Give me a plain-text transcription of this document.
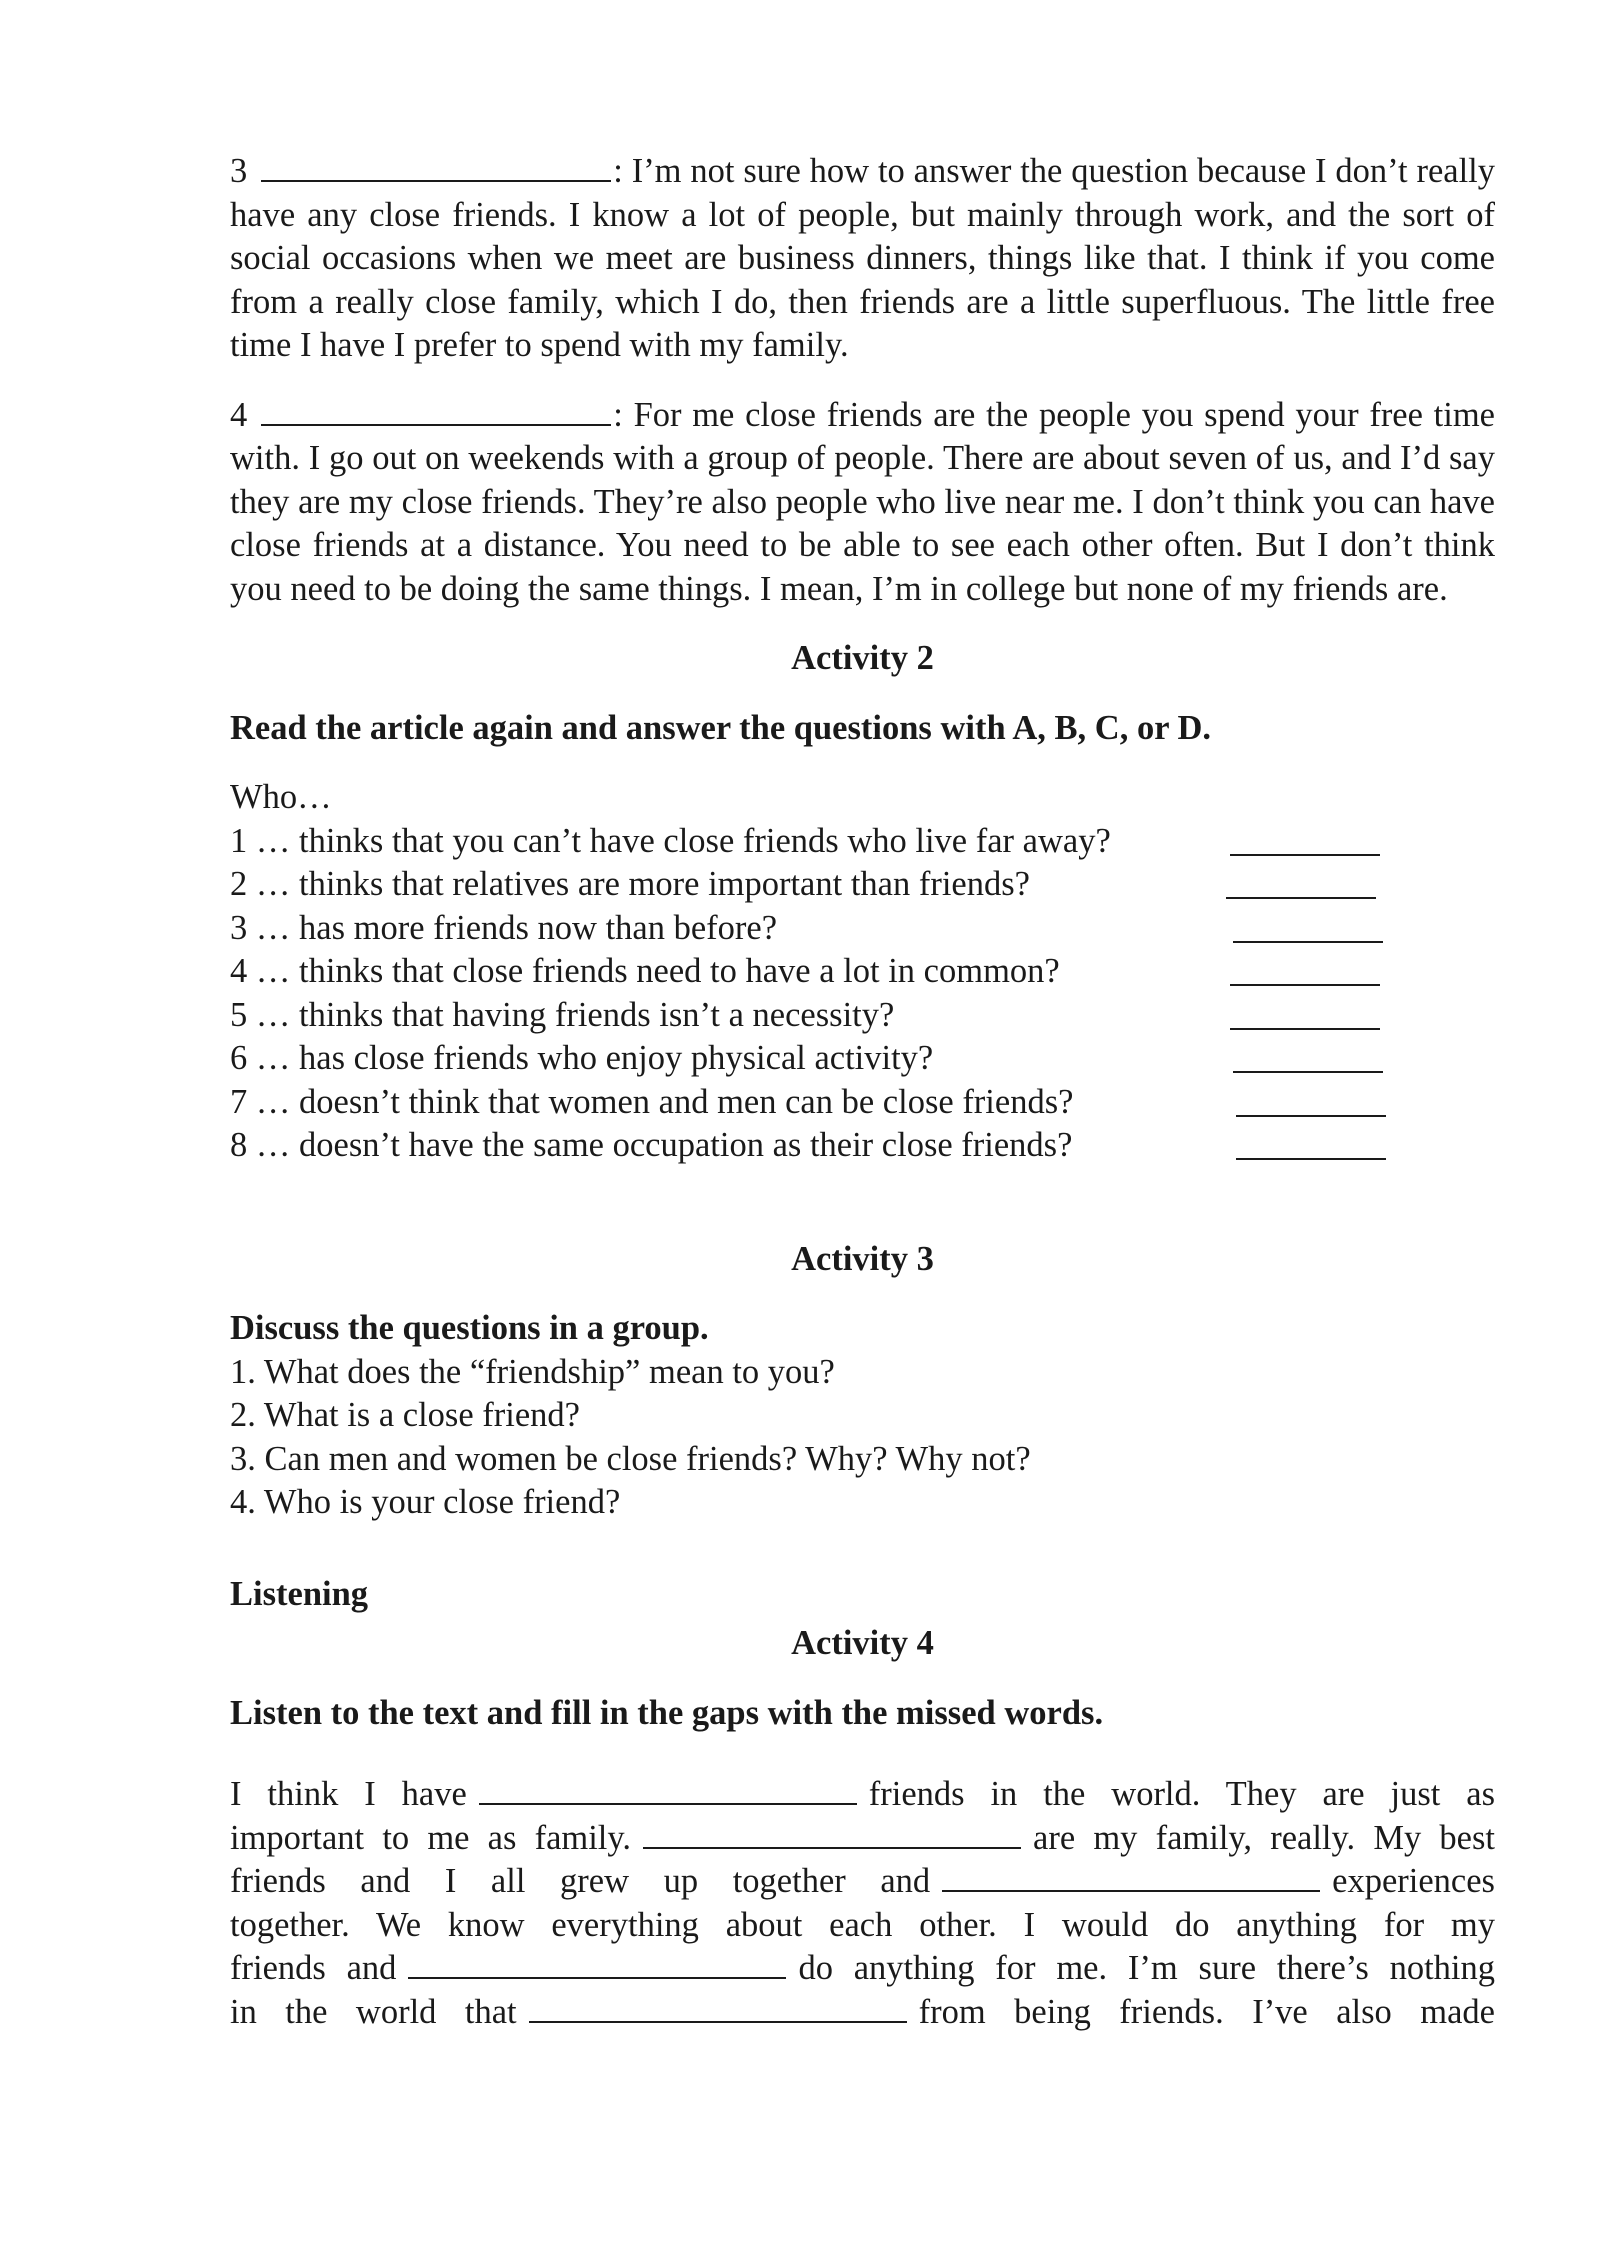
3	: I’m not sure how to answer the question because I don’t really have any close friends. I know a lot of people, but mainly through work, and the sort of social occasions when we meet are business dinners, things like that. I think if you come from a really close family, which I do, then friends are a little superfluous. The little free time I have I prefer to spend with my family.

4	: For me close friends are the people you spend your free time with. I go out on weekends with a group of people. There are about seven of us, and I’d say they are my close friends. They’re also people who live near me. I don’t think you can have close friends at a distance. You need to be able to see each other often. But I don’t think you need to be doing the same things. I mean, I’m in college but none of my friends are.

Activity 2

Read the article again and answer the questions with A, B, C, or D.

Who…

1 … thinks that you can’t have close friends who live far away?
2 … thinks that relatives are more important than friends?
3 … has more friends now than before?
4 … thinks that close friends need to have a lot in common?
5 … thinks that having friends isn’t a necessity?
6 … has close friends who enjoy physical activity?
7 … doesn’t think that women and men can be close friends?
8 … doesn’t have the same occupation as their close friends?

Activity 3

Discuss the questions in a group.

1. What does the “friendship” mean to you?

2. What is a close friend?

3. Can men and women be close friends? Why? Why not?

4. Who is your close friend?

Listening

Activity 4

Listen to the text and fill in the gaps with the missed words.

I think I have	friends in the world. They are just as

important to me as family.	are my family, really. My best

friends and I all grew up together and	experiences

together. We know everything about each other. I would do anything for my

friends and	do anything for me. I’m sure there’s nothing

in the world that	from being friends. I’ve also made
